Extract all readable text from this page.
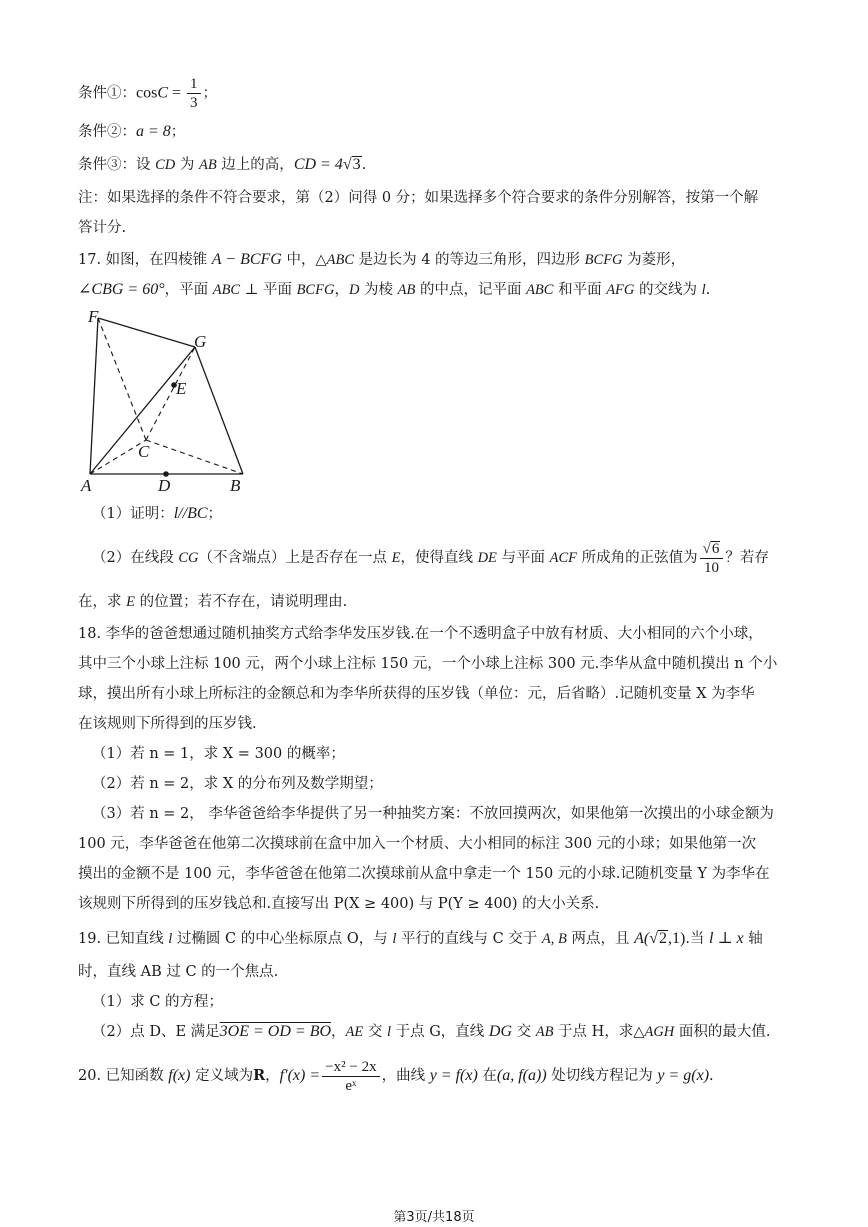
条件①：$\cos C = \frac{1}{3}$ ；
条件②：a = 8；
条件③：设 CD 为 AB 边上的高，CD = 4√3.
注：如果选择的条件不符合要求，第（2）问得 0 分；如果选择多个符合要求的条件分别解答，按第一个解
答计分.
17. 如图，在四棱锥 A − BCFG 中，△ABC 是边长为 4 的等边三角形，四边形 BCFG 为菱形，
∠CBG = 60°，平面 ABC ⊥ 平面 BCFG，D 为棱 AB 的中点，记平面 ABC 和平面 AFG 的交线为 l.
F
G
E
C
A	D	B
（1）证明：l//BC；
（2）在线段 CG（不含端点）上是否存在一点 E，使得直线 DE 与平面 ACF 所成角的正弦值为 $\frac{√6}{10}$ ？若存
在，求 E 的位置；若不存在，请说明理由.
18. 李华的爸爸想通过随机抽奖方式给李华发压岁钱.在一个不透明盒子中放有材质、大小相同的六个小球，
其中三个小球上注标 100 元，两个小球上注标 150 元，一个小球上注标 300 元.李华从盒中随机摸出 n 个小
球，摸出所有小球上所标注的金额总和为李华所获得的压岁钱（单位：元，后省略）.记随机变量 X 为李华
在该规则下所得到的压岁钱.
（1）若 n = 1，求 X = 300 的概率；
（2）若 n = 2，求 X 的分布列及数学期望；
（3）若 n = 2， 李华爸爸给李华提供了另一种抽奖方案：不放回摸两次，如果他第一次摸出的小球金额为
100 元，李华爸爸在他第二次摸球前在盒中加入一个材质、大小相同的标注 300 元的小球；如果他第一次
摸出的金额不是 100 元，李华爸爸在他第二次摸球前从盒中拿走一个 150 元的小球.记随机变量 Y 为李华在
该规则下所得到的压岁钱总和.直接写出 P(X ≥ 400) 与 P(Y ≥ 400) 的大小关系.
19. 已知直线 l 过椭圆 C 的中心坐标原点 O，与 l 平行的直线与 C 交于 A, B 两点，且 A(√2,1).当 l ⊥ x 轴
时，直线 AB 过 C 的一个焦点.
（1）求 C 的方程；
（2）点 D、E 满足3OE = OD = BO，AE 交 l 于点 G，直线 DG 交 AB 于点 H，求△AGH 面积的最大值.
20. 已知函数 f(x) 定义域为R，$f'(x) = \frac{\text{−x² − 2x}}{\text{eˣ}}$ ，曲线 y = f(x) 在(a, f(a)) 处切线方程记为 y = g(x).
第3页/共18页
